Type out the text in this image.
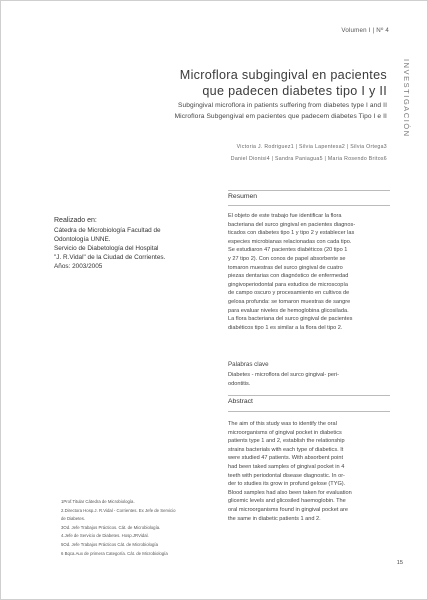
Volumen I | Nº 4
INVESTIGACIÓN
Microflora subgingival en pacientes
que padecen diabetes tipo I y II
Subgingival microflora in patients suffering from diabetes type I and II
Microflora Subgengival em pacientes que padecem diabetes Tipo I e II
Victoria J. Rodriguez1 | Silvia Lapentesa2 | Silvia Ortega3
Daniel Dionisi4 | Sandra Paniagua5 | Maria Rosendo Britos6
Realizado en:
Cátedra de Microbiología Facultad de
Odontología UNNE.
Servicio de Diabetología del Hospital
"J. R.Vidal" de la Ciudad de Corrientes.
Años: 2003/2005
Resumen
El objeto de este trabajo fue identificar la flora
bacteriana del surco gingival en pacientes diagnos-
ticados con diabetes tipo 1 y tipo 2 y establecer las
especies microbianas relacionadas con cada tipo.
Se estudiaron 47 pacientes diabéticos (20 tipo 1
y 27 tipo 2). Con conos de papel absorbente se
tomaron muestras del surco gingival de cuatro
piezas dentarias con diagnóstico de enfermedad
gingivoperiodontal para estudios de microscopía
de campo oscuro y procesamiento en cultivos de
gelosa profunda: se tomaron muestras de sangre
para evaluar niveles de hemoglobina glicosilada.
La flora bacteriana del surco gingival de pacientes
diabéticos tipo 1 es similar a la flora del tipo 2.
Palabras clave
Diabetes - microflora del surco gingival- peri-
odontitis.
Abstract
The aim of this study was to identify the oral
microorganisms of gingival pocket in diabetics
patients type 1 and 2, establish the relationship
strains bacterials with each type of diabetics. It
were studied 47 patients. With absorbent point
had been taked samples of gingival pocket in 4
teeth with periodontal disease diagnostic. In or-
der to studies its grow in profund gelose (TYG).
Blood samples had also been taken for evaluation
glicemic levels and glicosiled haemoglobin. The
oral microorganisms found in gingival pocket are
the same in diabetic patients 1 and 2.
1Prof.Titular Cátedra de Microbiología.
2.Directora Hosp.J. R.Vidal - Corrientes. Ex Jefe de Servicio
de Diabetes.
3Od. Jefe Trabajos Prácticos. Cát. de Microbiología.
4.Jefe de Servicio de Diabetes. Hosp.JRVidal.
5Od. Jefe Trabajos Prácticos Cát. de Microbiología
6 Bqca.Aux de primera Categoría. Cát. de Microbiología
15
